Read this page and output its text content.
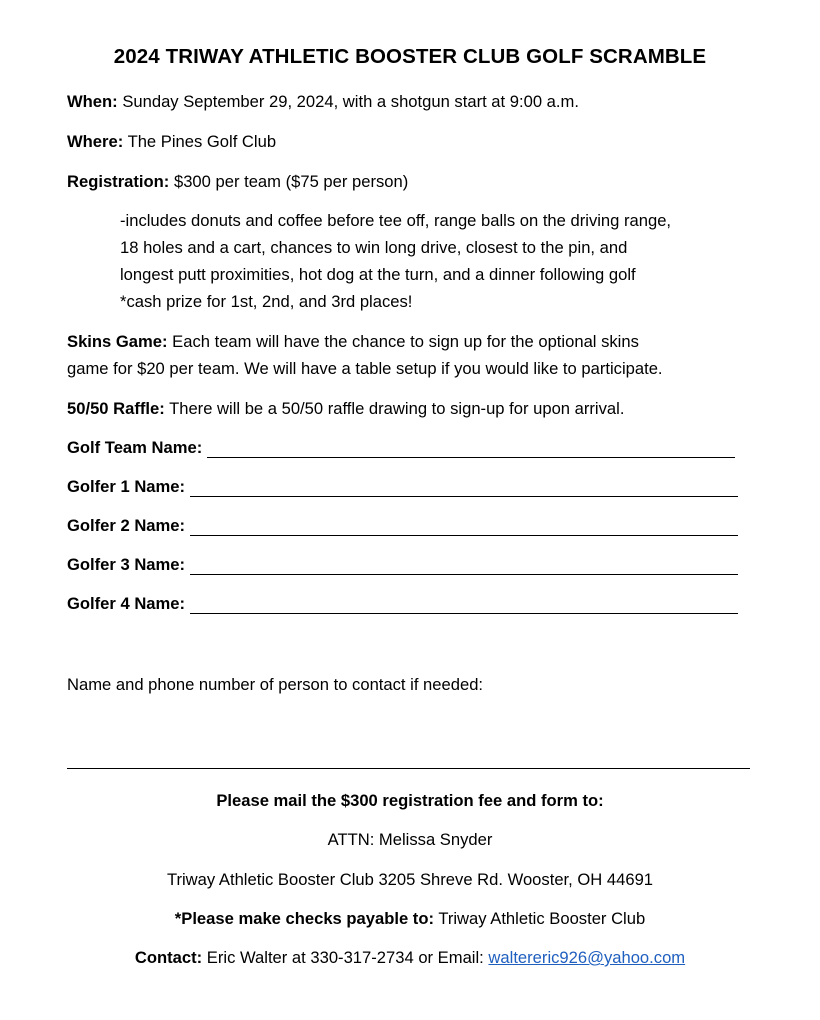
2024 TRIWAY ATHLETIC BOOSTER CLUB GOLF SCRAMBLE
When: Sunday September 29, 2024, with a shotgun start at 9:00 a.m.
Where: The Pines Golf Club
Registration: $300 per team ($75 per person)
-includes donuts and coffee before tee off, range balls on the driving range,
18 holes and a cart, chances to win long drive, closest to the pin, and
longest putt proximities, hot dog at the turn, and a dinner following golf
*cash prize for 1st, 2nd, and 3rd places!
Skins Game: Each team will have the chance to sign up for the optional skins
game for $20 per team. We will have a table setup if you would like to participate.
50/50 Raffle: There will be a 50/50 raffle drawing to sign-up for upon arrival.
Golf Team Name:
Golfer 1 Name:
Golfer 2 Name:
Golfer 3 Name:
Golfer 4 Name:
Name and phone number of person to contact if needed:
Please mail the $300 registration fee and form to:
ATTN: Melissa Snyder
Triway Athletic Booster Club 3205 Shreve Rd. Wooster, OH 44691
*Please make checks payable to: Triway Athletic Booster Club
Contact: Eric Walter at 330-317-2734 or Email: waltereric926@yahoo.com
